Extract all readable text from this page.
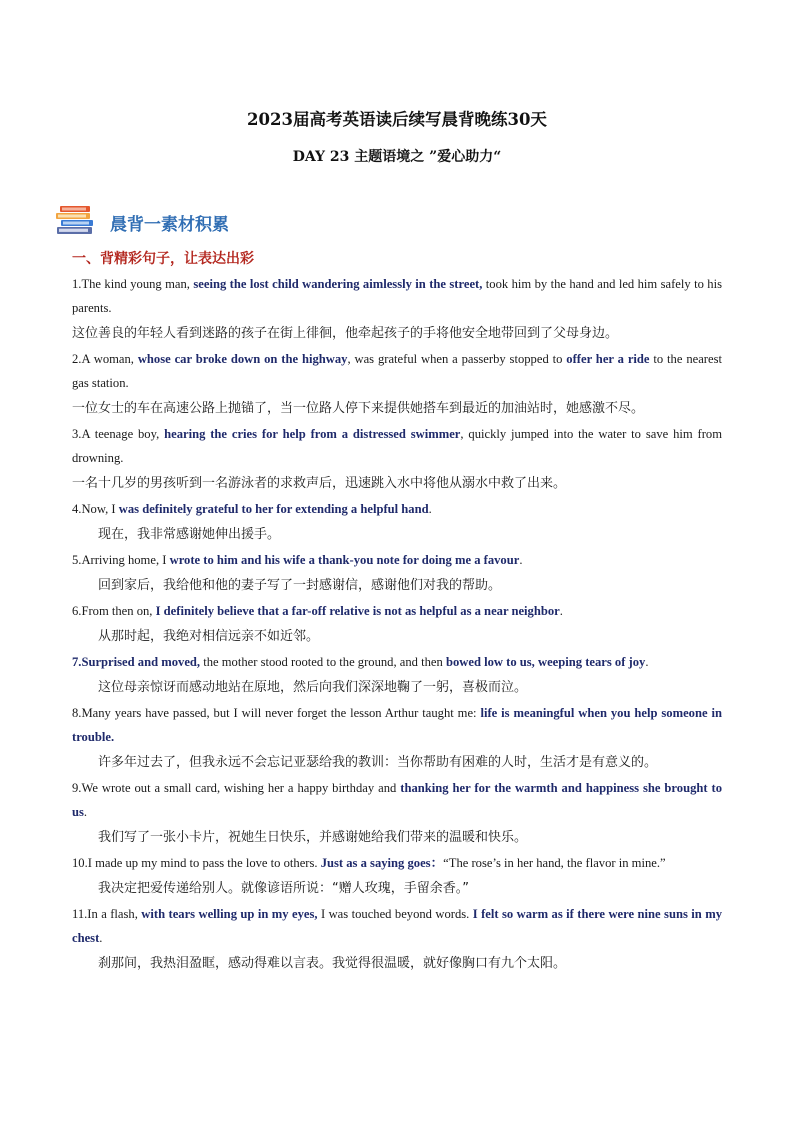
2023届高考英语读后续写晨背晚练30天
DAY 23 主题语境之 ”爱心助力“
晨背一素材积累
一、背精彩句子，让表达出彩

1.The kind young man, seeing the lost child wandering aimlessly in the street, took him by the hand and led him safely to his parents.

这位善良的年轻人看到迷路的孩子在街上徘徊，他牵起孩子的手将他安全地带回到了父母身边。

2.A woman, whose car broke down on the highway, was grateful when a passerby stopped to offer her a ride to the nearest gas station.

一位女士的车在高速公路上抛锚了，当一位路人停下来提供她搭车到最近的加油站时，她感激不尽。

3.A teenage boy, hearing the cries for help from a distressed swimmer, quickly jumped into the water to save him from drowning.

一名十几岁的男孩听到一名游泳者的求救声后，迅速跳入水中将他从溺水中救了出来。

4.Now, I was definitely grateful to her for extending a helpful hand.

现在，我非常感谢她伸出援手。

5.Arriving home, I wrote to him and his wife a thank-you note for doing me a favour.

回到家后，我给他和他的妻子写了一封感谢信，感谢他们对我的帮助。

6.From then on, I definitely believe that a far-off relative is not as helpful as a near neighbor.

从那时起，我绝对相信远亲不如近邻。

7.Surprised and moved, the mother stood rooted to the ground, and then bowed low to us, weeping tears of joy.

这位母亲惊讶而感动地站在原地，然后向我们深深地鞠了一躬，喜极而泣。

8.Many years have passed, but I will never forget the lesson Arthur taught me: life is meaningful when you help someone in trouble.

许多年过去了，但我永远不会忘记亚瑟给我的教训：当你帮助有困难的人时，生活才是有意义的。

9.We wrote out a small card, wishing her a happy birthday and thanking her for the warmth and happiness she brought to us.

我们写了一张小卡片，祝她生日快乐，并感谢她给我们带来的温暖和快乐。

10.I made up my mind to pass the love to others. Just as a saying goes：“The rose’s in her hand, the flavor in mine.”

我决定把爱传递给别人。就像谚语所说：“赠人玫瑰，手留余香。”

11.In a flash, with tears welling up in my eyes, I was touched beyond words. I felt so warm as if there were nine suns in my chest.

刹那间，我热泪盈眶，感动得难以言表。我觉得很温暖，就好像胸口有九个太阳。
